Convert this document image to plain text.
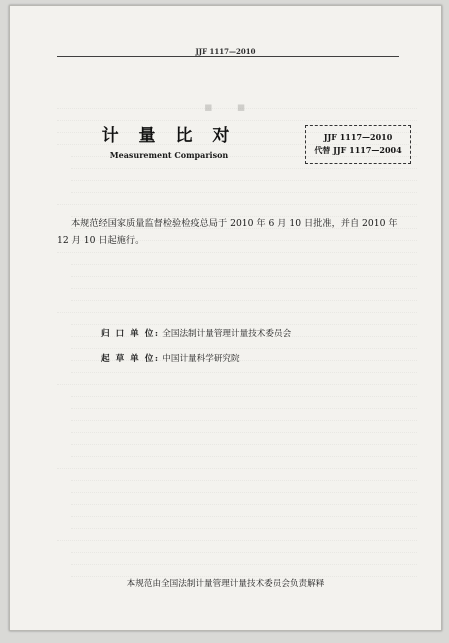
▪▪
JJF 1117—2010
计 量 比 对
Measurement Comparison
JJF 1117—2010
代替 JJF 1117—2004
本规范经国家质量监督检验检疫总局于 2010 年 6 月 10 日批准，并自 2010 年 12 月 10 日起施行。
归 口 单 位: 全国法制计量管理计量技术委员会
起 草 单 位: 中国计量科学研究院
本规范由全国法制计量管理计量技术委员会负责解释
